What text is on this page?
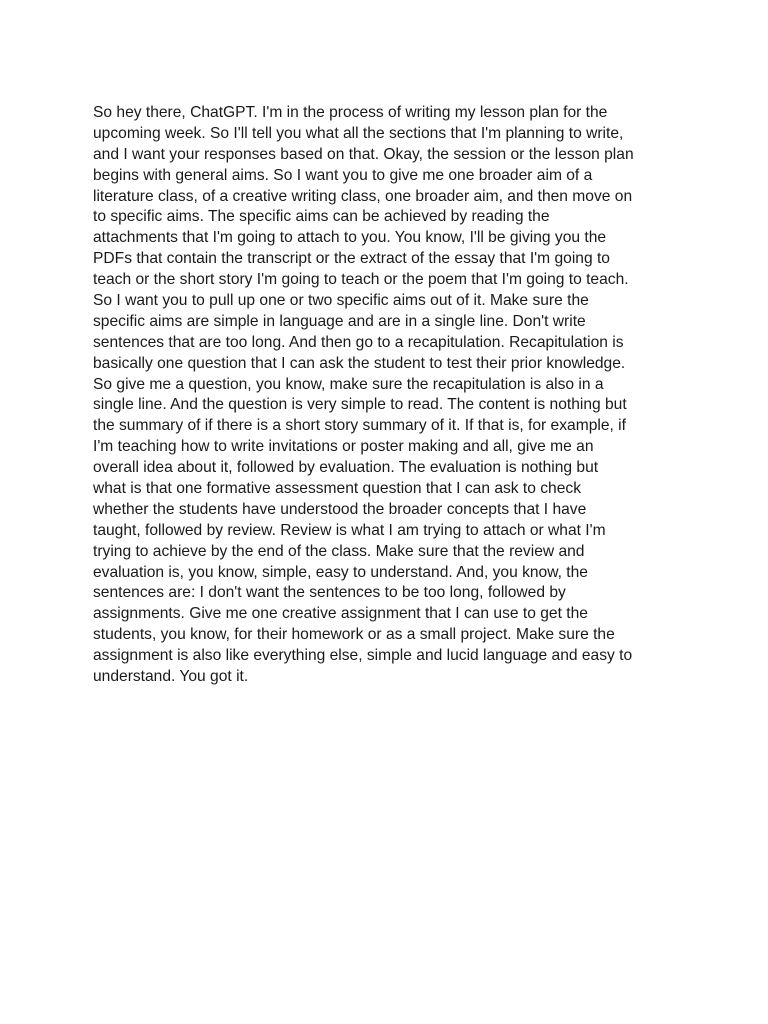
So hey there, ChatGPT. I'm in the process of writing my lesson plan for the
upcoming week. So I'll tell you what all the sections that I'm planning to write,
and I want your responses based on that. Okay, the session or the lesson plan
begins with general aims. So I want you to give me one broader aim of a
literature class, of a creative writing class, one broader aim, and then move on
to specific aims. The specific aims can be achieved by reading the
attachments that I'm going to attach to you. You know, I'll be giving you the
PDFs that contain the transcript or the extract of the essay that I'm going to
teach or the short story I'm going to teach or the poem that I'm going to teach.
So I want you to pull up one or two specific aims out of it. Make sure the
specific aims are simple in language and are in a single line. Don't write
sentences that are too long. And then go to a recapitulation. Recapitulation is
basically one question that I can ask the student to test their prior knowledge.
So give me a question, you know, make sure the recapitulation is also in a
single line. And the question is very simple to read. The content is nothing but
the summary of if there is a short story summary of it. If that is, for example, if
I'm teaching how to write invitations or poster making and all, give me an
overall idea about it, followed by evaluation. The evaluation is nothing but
what is that one formative assessment question that I can ask to check
whether the students have understood the broader concepts that I have
taught, followed by review. Review is what I am trying to attach or what I'm
trying to achieve by the end of the class. Make sure that the review and
evaluation is, you know, simple, easy to understand. And, you know, the
sentences are: I don't want the sentences to be too long, followed by
assignments. Give me one creative assignment that I can use to get the
students, you know, for their homework or as a small project. Make sure the
assignment is also like everything else, simple and lucid language and easy to
understand. You got it.
